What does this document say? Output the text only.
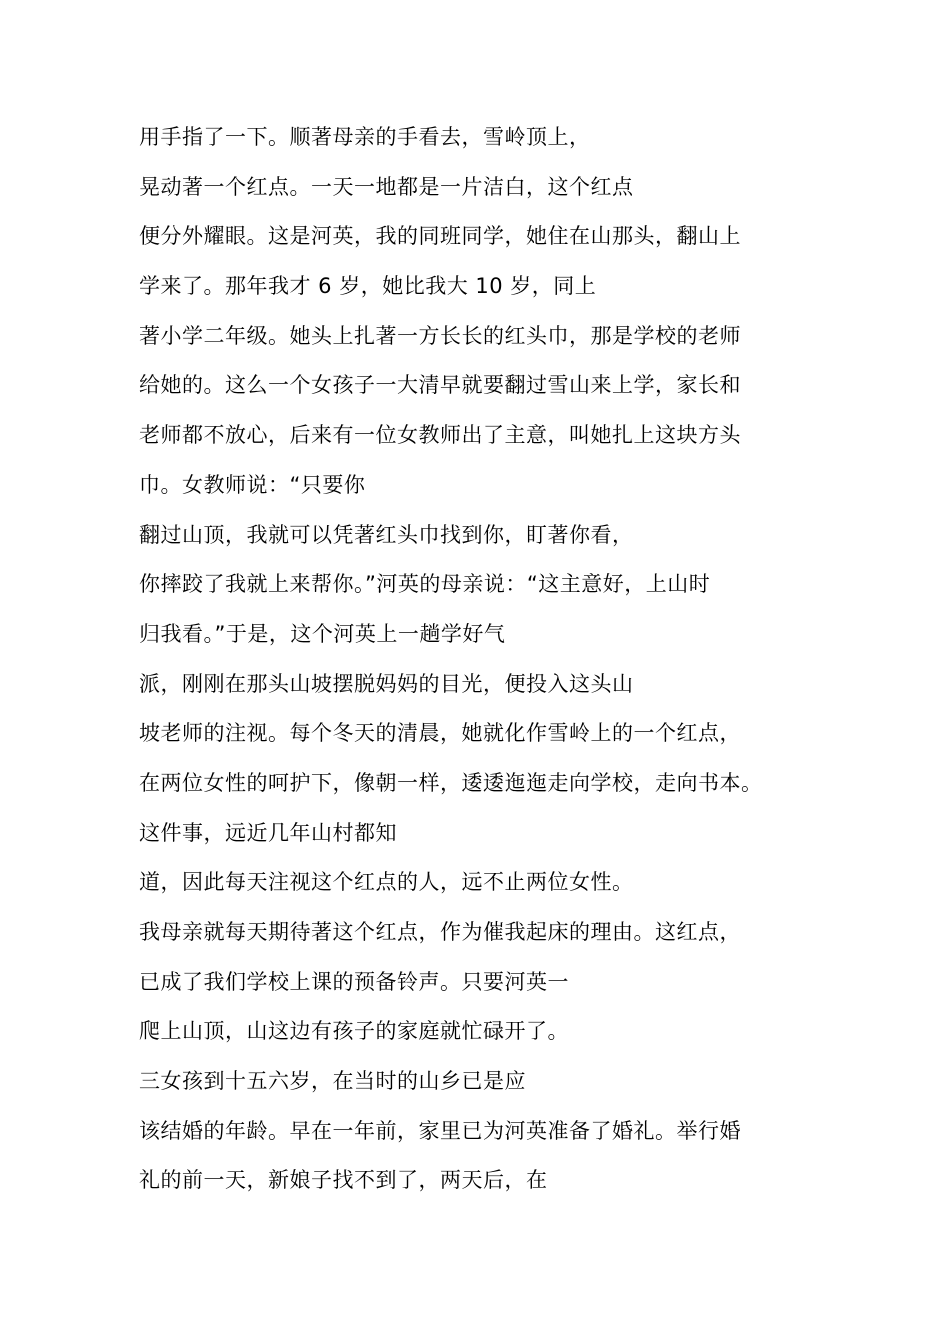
用手指了一下。顺著母亲的手看去，雪岭顶上，

晃动著一个红点。一天一地都是一片洁白，这个红点

便分外耀眼。这是河英，我的同班同学，她住在山那头，翻山上

学来了。那年我才 6 岁，她比我大 10 岁，同上

著小学二年级。她头上扎著一方长长的红头巾，那是学校的老师

给她的。这么一个女孩子一大清早就要翻过雪山来上学，家长和

老师都不放心，后来有一位女教师出了主意，叫她扎上这块方头

巾。女教师说：“只要你

翻过山顶，我就可以凭著红头巾找到你，盯著你看，

你摔跤了我就上来帮你。”河英的母亲说：“这主意好，上山时

归我看。”于是，这个河英上一趟学好气

派，刚刚在那头山坡摆脱妈妈的目光，便投入这头山

坡老师的注视。每个冬天的清晨，她就化作雪岭上的一个红点，

在两位女性的呵护下，像朝一样，逶逶迤迤走向学校，走向书本。

这件事，远近几年山村都知

道，因此每天注视这个红点的人，远不止两位女性。

我母亲就每天期待著这个红点，作为催我起床的理由。这红点，

已成了我们学校上课的预备铃声。只要河英一

爬上山顶，山这边有孩子的家庭就忙碌开了。

三女孩到十五六岁，在当时的山乡已是应

该结婚的年龄。早在一年前，家里已为河英准备了婚礼。举行婚

礼的前一天，新娘子找不到了，两天后，在
